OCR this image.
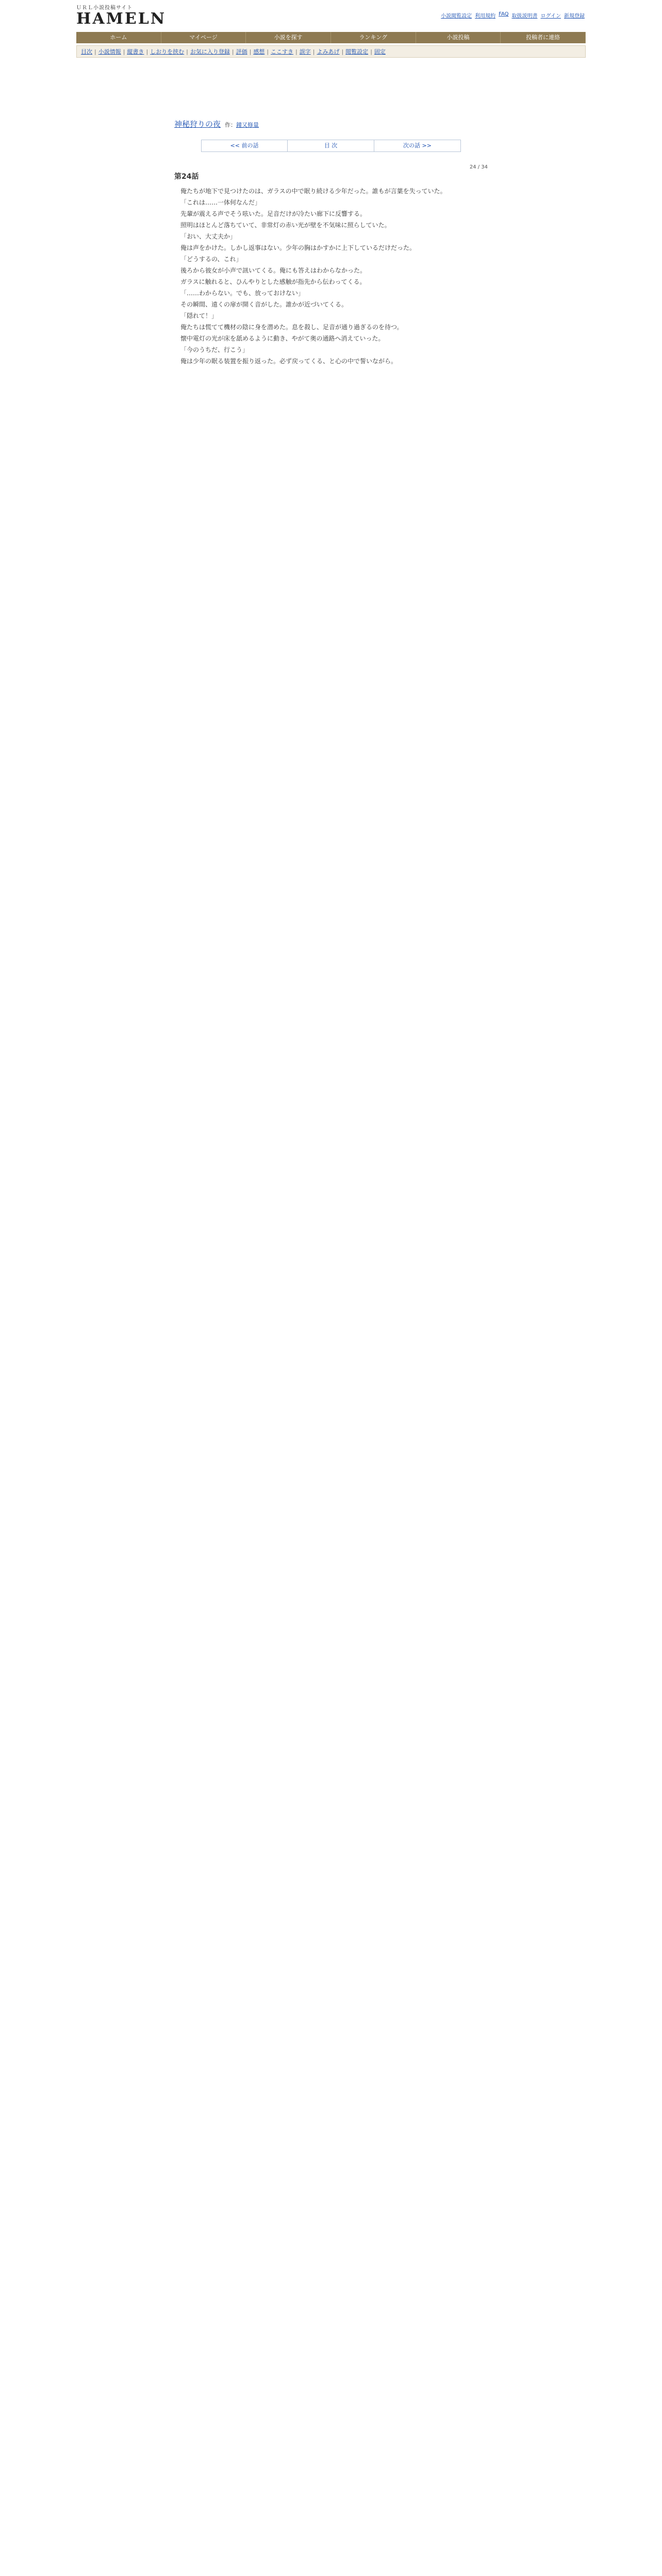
ＵＲＬ小説投稿サイト
HAMELN	小説閲覧設定 利用規約 FAQ 取扱説明書 ログイン 新規登録
ホーム	マイページ	小説を探す	ランキング	小説投稿	投稿者に連絡
目次 | 小説情報 | 縦書き | しおりを挟む | お気に入り登録 | 評価 | 感想 | ここすき | 誤字 | よみあげ | 閲覧設定 | 固定
神秘狩りの夜 作：鐘又修量
<< 前の話	目 次	次の話 >>
24 / 34
第24話

俺たちが地下で見つけたのは、ガラスの中で眠り続ける少年だった。誰もが言葉を失っていた。

「これは……一体何なんだ」

先輩が震える声でそう呟いた。足音だけが冷たい廊下に反響する。

照明はほとんど落ちていて、非常灯の赤い光が壁を不気味に照らしていた。

「おい、大丈夫か」

俺は声をかけた。しかし返事はない。少年の胸はかすかに上下しているだけだった。

「どうするの、これ」

後ろから彼女が小声で訊いてくる。俺にも答えはわからなかった。

ガラスに触れると、ひんやりとした感触が指先から伝わってくる。

「……わからない。でも、放っておけない」

その瞬間、遠くの扉が開く音がした。誰かが近づいてくる。

「隠れて！」

俺たちは慌てて機材の陰に身を潜めた。息を殺し、足音が通り過ぎるのを待つ。

懐中電灯の光が床を舐めるように動き、やがて奥の通路へ消えていった。

「今のうちだ、行こう」

俺は少年の眠る装置を振り返った。必ず戻ってくる、と心の中で誓いながら。
